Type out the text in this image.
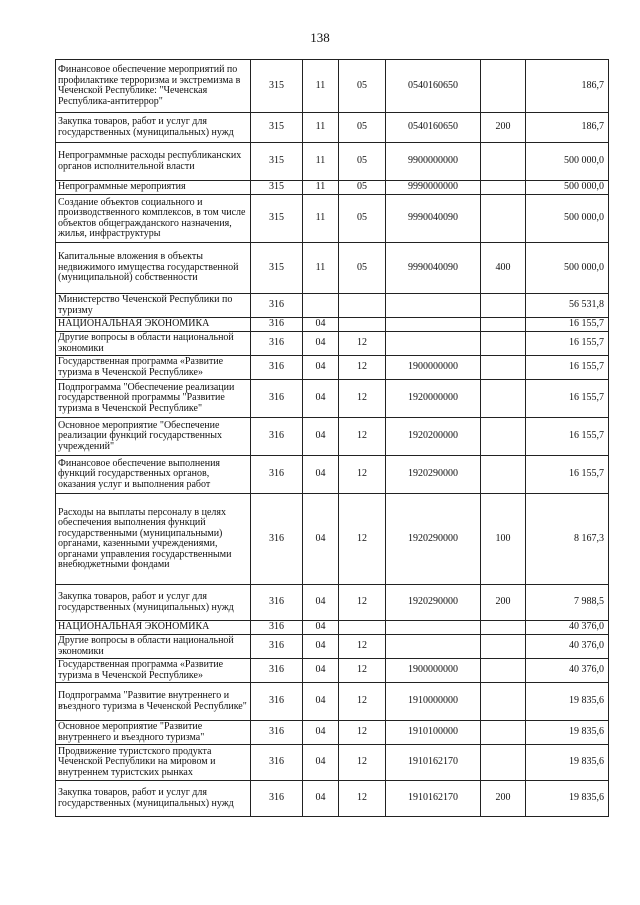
138
Финансовое обеспечение мероприятий по профилактике терроризма и экстремизма в Чеченской Республике: "Чеченская Республика-антитеррор"	315	11	05	0540160650		186,7
Закупка товаров, работ и услуг для государственных (муниципальных) нужд	315	11	05	0540160650	200	186,7
Непрограммные расходы республиканских органов исполнительной власти	315	11	05	9900000000		500 000,0
Непрограммные мероприятия	315	11	05	9990000000		500 000,0
Создание объектов социального и производственного комплексов, в том числе объектов общегражданского назначения, жилья, инфраструктуры	315	11	05	9990040090		500 000,0
Капитальные вложения в объекты недвижимого имущества государственной (муниципальной) собственности	315	11	05	9990040090	400	500 000,0
Министерство Чеченской Республики по туризму	316					56 531,8
НАЦИОНАЛЬНАЯ ЭКОНОМИКА	316	04				16 155,7
Другие вопросы в области национальной экономики	316	04	12			16 155,7
Государственная программа «Развитие туризма в Чеченской Республике»	316	04	12	1900000000		16 155,7
Подпрограмма "Обеспечение реализации государственной программы "Развитие туризма в Чеченской Республике"	316	04	12	1920000000		16 155,7
Основное мероприятие "Обеспечение реализации функций государственных учреждений"	316	04	12	1920200000		16 155,7
Финансовое обеспечение выполнения функций государственных органов, оказания услуг и выполнения работ	316	04	12	1920290000		16 155,7
Расходы на выплаты персоналу в целях обеспечения выполнения функций государственными (муниципальными) органами, казенными учреждениями, органами управления государственными внебюджетными фондами	316	04	12	1920290000	100	8 167,3
Закупка товаров, работ и услуг для государственных (муниципальных) нужд	316	04	12	1920290000	200	7 988,5
НАЦИОНАЛЬНАЯ ЭКОНОМИКА	316	04				40 376,0
Другие вопросы в области национальной экономики	316	04	12			40 376,0
Государственная программа «Развитие туризма в Чеченской Республике»	316	04	12	1900000000		40 376,0
Подпрограмма "Развитие внутреннего и въездного туризма в Чеченской Республике"	316	04	12	1910000000		19 835,6
Основное мероприятие "Развитие внутреннего и въездного туризма"	316	04	12	1910100000		19 835,6
Продвижение туристского продукта Чеченской Республики на мировом и внутреннем туристских рынках	316	04	12	1910162170		19 835,6
Закупка товаров, работ и услуг для государственных (муниципальных) нужд	316	04	12	1910162170	200	19 835,6
